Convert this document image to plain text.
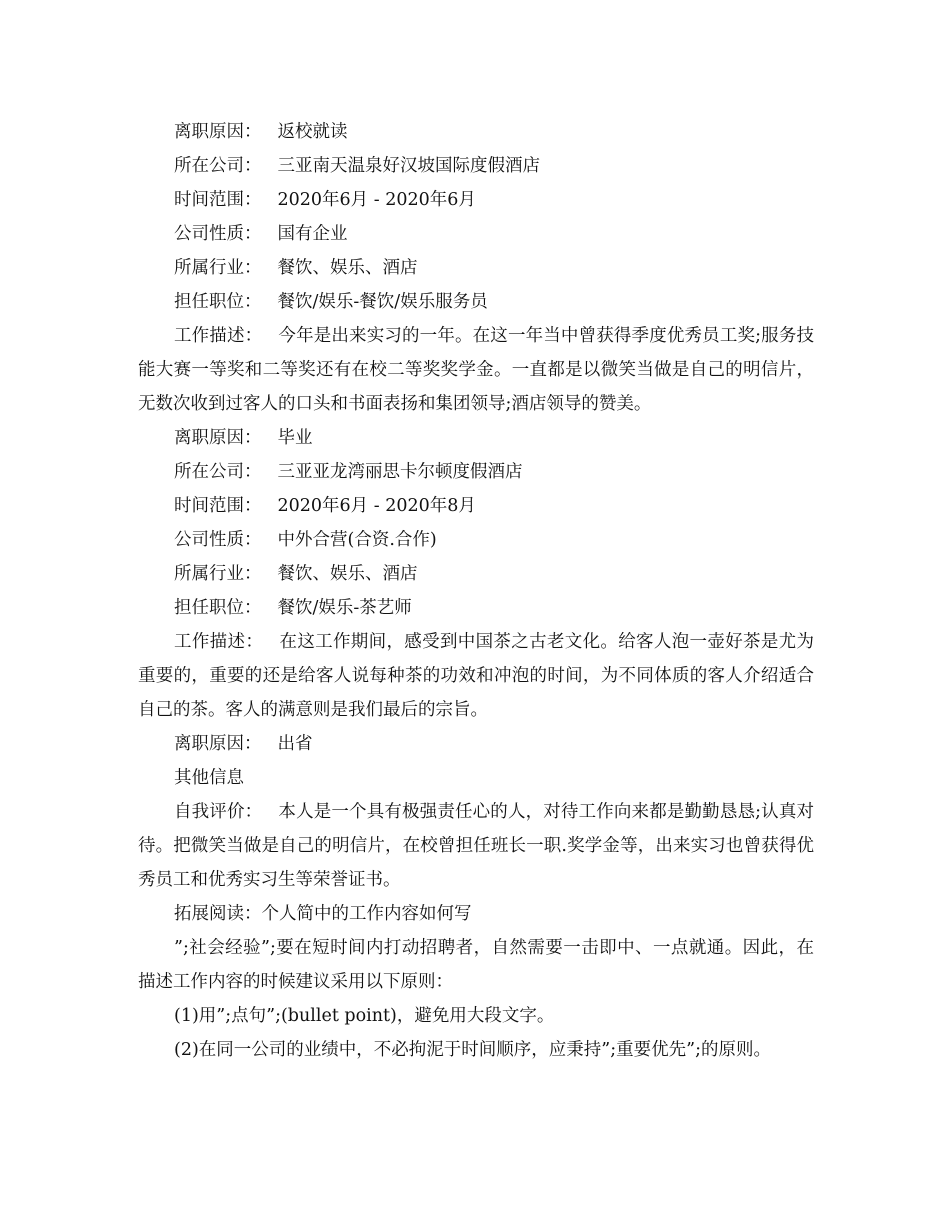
离职原因： 返校就读

所在公司： 三亚南天温泉好汉坡国际度假酒店

时间范围： 2020年6月 - 2020年6月

公司性质： 国有企业

所属行业： 餐饮、娱乐、酒店

担任职位： 餐饮/娱乐-餐饮/娱乐服务员

工作描述： 今年是出来实习的一年。在这一年当中曾获得季度优秀员工奖;服务技能大赛一等奖和二等奖还有在校二等奖奖学金。一直都是以微笑当做是自己的明信片，无数次收到过客人的口头和书面表扬和集团领导;酒店领导的赞美。

离职原因： 毕业

所在公司： 三亚亚龙湾丽思卡尔顿度假酒店

时间范围： 2020年6月 - 2020年8月

公司性质： 中外合营(合资.合作)

所属行业： 餐饮、娱乐、酒店

担任职位： 餐饮/娱乐-茶艺师

工作描述： 在这工作期间，感受到中国茶之古老文化。给客人泡一壶好茶是尤为重要的，重要的还是给客人说每种茶的功效和冲泡的时间，为不同体质的客人介绍适合自己的茶。客人的满意则是我们最后的宗旨。

离职原因： 出省

其他信息

自我评价： 本人是一个具有极强责任心的人，对待工作向来都是勤勤恳恳;认真对待。把微笑当做是自己的明信片，在校曾担任班长一职.奖学金等，出来实习也曾获得优秀员工和优秀实习生等荣誉证书。

拓展阅读：个人简中的工作内容如何写

”;社会经验”;要在短时间内打动招聘者，自然需要一击即中、一点就通。因此，在描述工作内容的时候建议采用以下原则：

(1)用”;点句”;(bullet point)，避免用大段文字。

(2)在同一公司的业绩中，不必拘泥于时间顺序，应秉持”;重要优先”;的原则。
